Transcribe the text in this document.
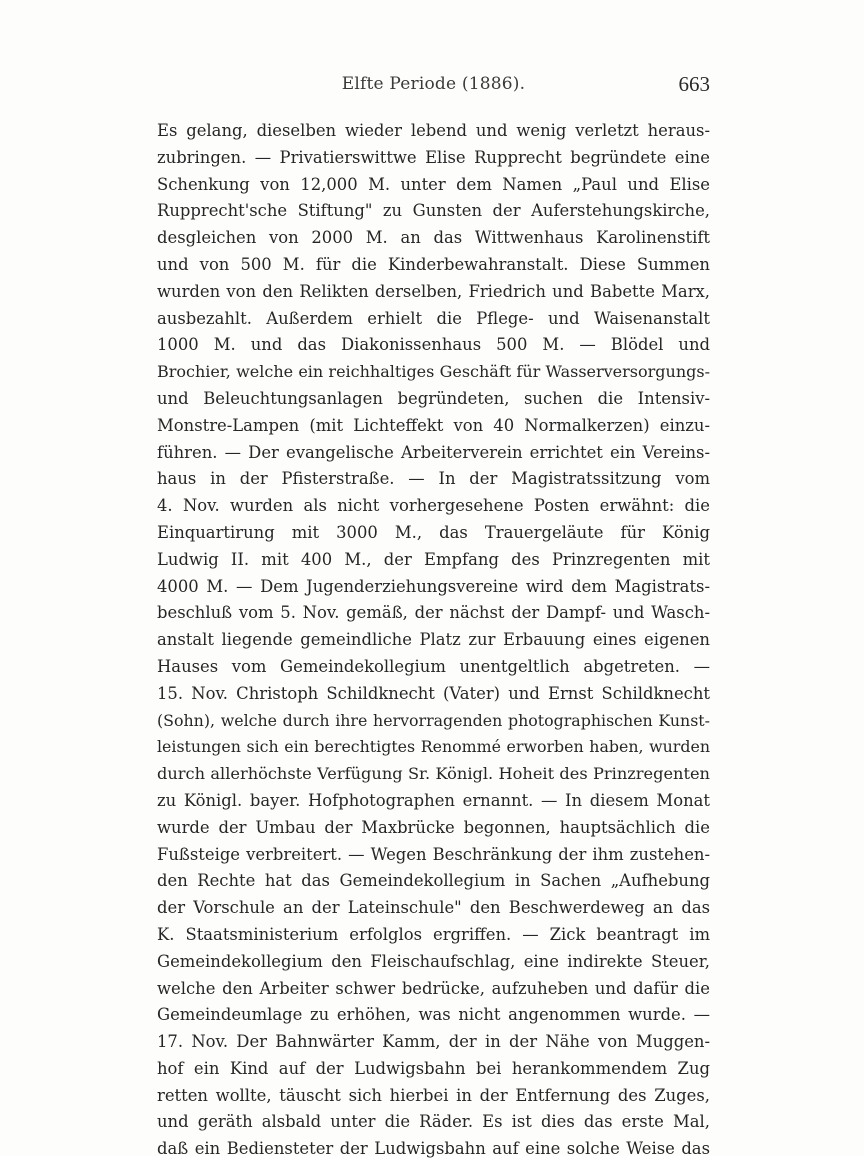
Elfte Periode (1886).	663
Es gelang, dieselben wieder lebend und wenig verletzt heraus-
zubringen. — Privatierswittwe Elise Rupprecht begründete eine
Schenkung von 12,000 M. unter dem Namen „Paul und Elise
Rupprecht'sche Stiftung" zu Gunsten der Auferstehungskirche,
desgleichen von 2000 M. an das Wittwenhaus Karolinenstift
und von 500 M. für die Kinderbewahranstalt. Diese Summen
wurden von den Relikten derselben, Friedrich und Babette Marx,
ausbezahlt. Außerdem erhielt die Pflege- und Waisenanstalt
1000 M. und das Diakonissenhaus 500 M. — Blödel und
Brochier, welche ein reichhaltiges Geschäft für Wasserversorgungs-
und Beleuchtungsanlagen begründeten, suchen die Intensiv-
Monstre-Lampen (mit Lichteffekt von 40 Normalkerzen) einzu-
führen. — Der evangelische Arbeiterverein errichtet ein Vereins-
haus in der Pfisterstraße. — In der Magistratssitzung vom
4. Nov. wurden als nicht vorhergesehene Posten erwähnt: die
Einquartirung mit 3000 M., das Trauergeläute für König
Ludwig II. mit 400 M., der Empfang des Prinzregenten mit
4000 M. — Dem Jugenderziehungsvereine wird dem Magistrats-
beschluß vom 5. Nov. gemäß, der nächst der Dampf- und Wasch-
anstalt liegende gemeindliche Platz zur Erbauung eines eigenen
Hauses vom Gemeindekollegium unentgeltlich abgetreten. —
15. Nov. Christoph Schildknecht (Vater) und Ernst Schildknecht
(Sohn), welche durch ihre hervorragenden photographischen Kunst-
leistungen sich ein berechtigtes Renommé erworben haben, wurden
durch allerhöchste Verfügung Sr. Königl. Hoheit des Prinzregenten
zu Königl. bayer. Hofphotographen ernannt. — In diesem Monat
wurde der Umbau der Maxbrücke begonnen, hauptsächlich die
Fußsteige verbreitert. — Wegen Beschränkung der ihm zustehen-
den Rechte hat das Gemeindekollegium in Sachen „Aufhebung
der Vorschule an der Lateinschule" den Beschwerdeweg an das
K. Staatsministerium erfolglos ergriffen. — Zick beantragt im
Gemeindekollegium den Fleischaufschlag, eine indirekte Steuer,
welche den Arbeiter schwer bedrücke, aufzuheben und dafür die
Gemeindeumlage zu erhöhen, was nicht angenommen wurde. —
17. Nov. Der Bahnwärter Kamm, der in der Nähe von Muggen-
hof ein Kind auf der Ludwigsbahn bei herankommendem Zug
retten wollte, täuscht sich hierbei in der Entfernung des Zuges,
und geräth alsbald unter die Räder. Es ist dies das erste Mal,
daß ein Bediensteter der Ludwigsbahn auf eine solche Weise das
